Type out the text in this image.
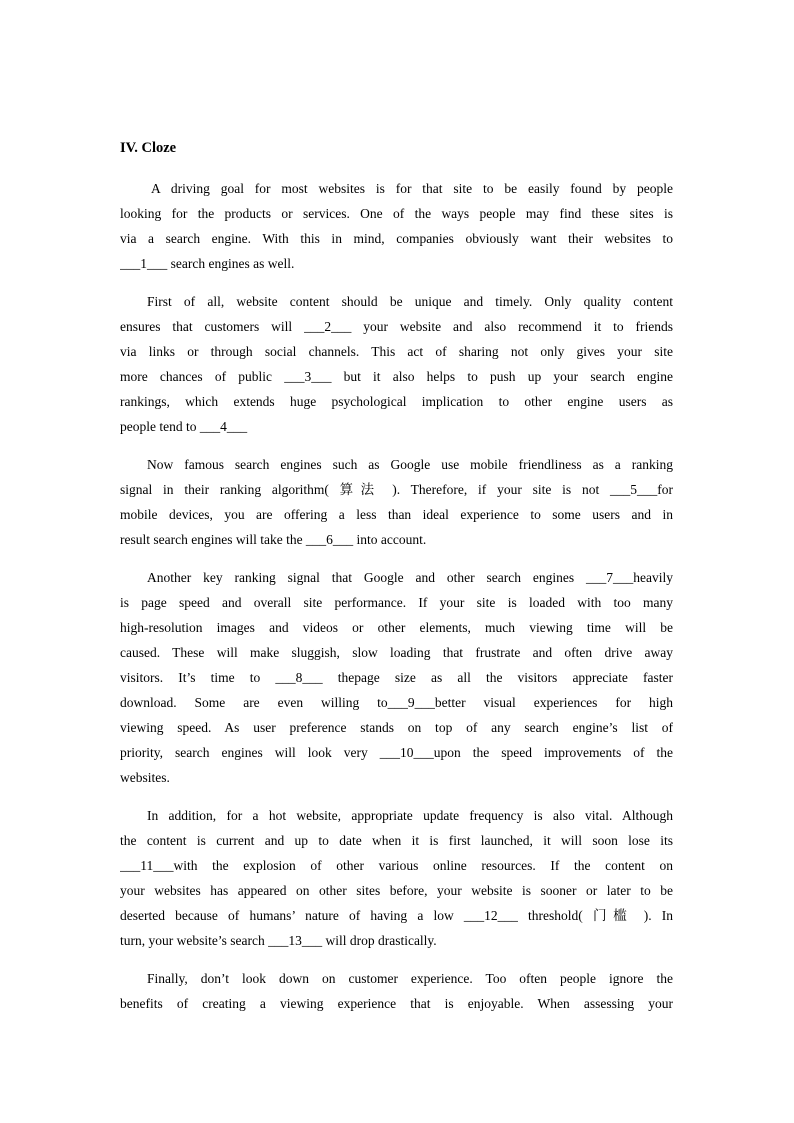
IV. Cloze
A driving goal for most websites is for that site to be easily found by people
looking for the products or services. One of the ways people may find these sites is
via a search engine. With this in mind, companies obviously want their websites to
___1___ search engines as well.
First of all, website content should be unique and timely. Only quality content
ensures that customers will ___2___ your website and also recommend it to friends
via links or through social channels. This act of sharing not only gives your site
more chances of public ___3___ but it also helps to push up your search engine
rankings, which extends huge psychological implication to other engine users as
people tend to ___4___
Now famous search engines such as Google use mobile friendliness as a ranking
signal in their ranking algorithm( 算法 ). Therefore, if your site is not ___5___for
mobile devices, you are offering a less than ideal experience to some users and in
result search engines will take the ___6___ into account.
Another key ranking signal that Google and other search engines ___7___heavily
is page speed and overall site performance. If your site is loaded with too many
high-resolution images and videos or other elements, much viewing time will be
caused. These will make sluggish, slow loading that frustrate and often drive away
visitors. It’s time to ___8___ thepage size as all the visitors appreciate faster
download. Some are even willing to___9___better visual experiences for high
viewing speed. As user preference stands on top of any search engine’s list of
priority, search engines will look very ___10___upon the speed improvements of the
websites.
In addition, for a hot website, appropriate update frequency is also vital. Although
the content is current and up to date when it is first launched, it will soon lose its
___11___with the explosion of other various online resources. If the content on
your websites has appeared on other sites before, your website is sooner or later to be
deserted because of humans’ nature of having a low ___12___ threshold( 门槛 ). In
turn, your website’s search ___13___ will drop drastically.
Finally, don’t look down on customer experience. Too often people ignore the
benefits of creating a viewing experience that is enjoyable. When assessing your
